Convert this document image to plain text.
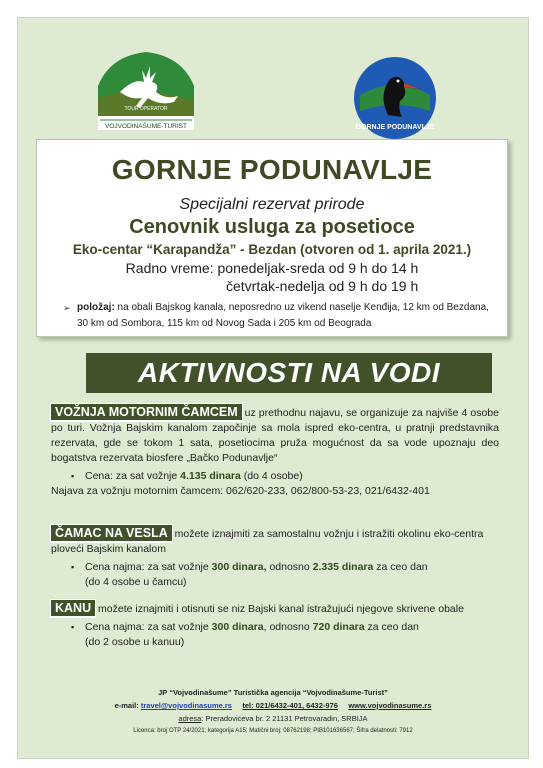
TOUR OPERATOR
VOJVODINAŠUME-TURIST	GORNJE PODUNAVLJE
GORNJE PODUNAVLJE
Specijalni rezervat prirode
Cenovnik usluga za posetioce
Eko-centar “Karapandža” - Bezdan (otvoren od 1. aprila 2021.)
Radno vreme: ponedeljak-sreda od 9 h do 14 h
četvrtak-nedelja od 9 h do 19 h
➢ položaj: na obali Bajskog kanala, neposredno uz vikend naselje Kenđija, 12 km od Bezdana, 30 km od Sombora, 115 km od Novog Sada i 205 km od Beograda
AKTIVNOSTI NA VODI
VOŽNJA MOTORNIM ČAMCEM uz prethodnu najavu, se organizuje za najviše 4 osobe po turi. Vožnja Bajskim kanalom započinje sa mola ispred eko-centra, u pratnji predstavnika rezervata, gde se tokom 1 sata, posetiocima pruža mogućnost da sa vode upoznaju deo bogatstva rezervata biosfere „Bačko Podunavlje“
▪ Cena: za sat vožnje 4.135 dinara (do 4 osobe)
Najava za vožnju motornim čamcem: 062/620-233, 062/800-53-23, 021/6432-401
ČAMAC NA VESLA možete iznajmiti za samostalnu vožnju i istražiti okolinu eko-centra ploveći Bajskim kanalom
▪ Cena najma: za sat vožnje 300 dinara, odnosno 2.335 dinara za ceo dan
(do 4 osobe u čamcu)
KANU možete iznajmiti i otisnuti se niz Bajski kanal istražujući njegove skrivene obale
▪ Cena najma: za sat vožnje 300 dinara, odnosno 720 dinara za ceo dan
(do 2 osobe u kanuu)
JP “Vojvodinašume” Turistička agencija “Vojvodinašume-Turist”
e-mail: travel@vojvodinasume.rs tel: 021/6432-401, 6432-976 www.vojvodinasume.rs
adresa: Preradovićeva br. 2 21131 Petrovaradin, SRBIJA
Licenca: broj OTP 24/2021; kategorija A15; Matični broj: 08762198; PIB101636567; Šifra delatnosti: 7912
